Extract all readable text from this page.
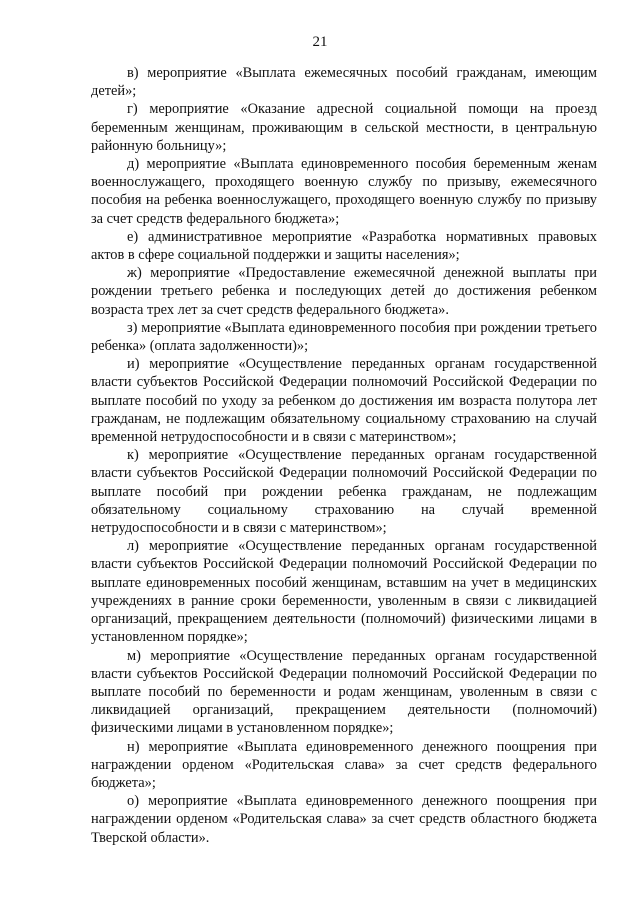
21

в) мероприятие «Выплата ежемесячных пособий гражданам, имеющим детей»;

г) мероприятие «Оказание адресной социальной помощи на проезд беременным женщинам, проживающим в сельской местности, в центральную районную больницу»;

д) мероприятие «Выплата единовременного пособия беременным женам военнослужащего, проходящего военную службу по призыву, ежемесячного пособия на ребенка военнослужащего, проходящего военную службу по призыву за счет средств федерального бюджета»;

е) административное мероприятие «Разработка нормативных правовых актов в сфере социальной поддержки и защиты населения»;

ж) мероприятие «Предоставление ежемесячной денежной выплаты при рождении третьего ребенка и последующих детей до достижения ребенком возраста трех лет за счет средств федерального бюджета».

з) мероприятие «Выплата единовременного пособия при рождении третьего ребенка» (оплата задолженности)»;

и) мероприятие «Осуществление переданных органам государственной власти субъектов Российской Федерации полномочий Российской Федерации по выплате пособий по уходу за ребенком до достижения им возраста полутора лет гражданам, не подлежащим обязательному социальному страхованию на случай временной нетрудоспособности и в связи с материнством»;

к) мероприятие «Осуществление переданных органам государственной власти субъектов Российской Федерации полномочий Российской Федерации по выплате пособий при рождении ребенка гражданам, не подлежащим обязательному социальному страхованию на случай временной нетрудоспособности и в связи с материнством»;

л) мероприятие «Осуществление переданных органам государственной власти субъектов Российской Федерации полномочий Российской Федерации по выплате единовременных пособий женщинам, вставшим на учет в медицинских учреждениях в ранние сроки беременности, уволенным в связи с ликвидацией организаций, прекращением деятельности (полномочий) физическими лицами в установленном порядке»;

м) мероприятие «Осуществление переданных органам государственной власти субъектов Российской Федерации полномочий Российской Федерации по выплате пособий по беременности и родам женщинам, уволенным в связи с ликвидацией организаций, прекращением деятельности (полномочий) физическими лицами в установленном порядке»;

н) мероприятие «Выплата единовременного денежного поощрения при награждении орденом «Родительская слава» за счет средств федерального бюджета»;

о) мероприятие «Выплата единовременного денежного поощрения при награждении орденом «Родительская слава» за счет средств областного бюджета Тверской области».
